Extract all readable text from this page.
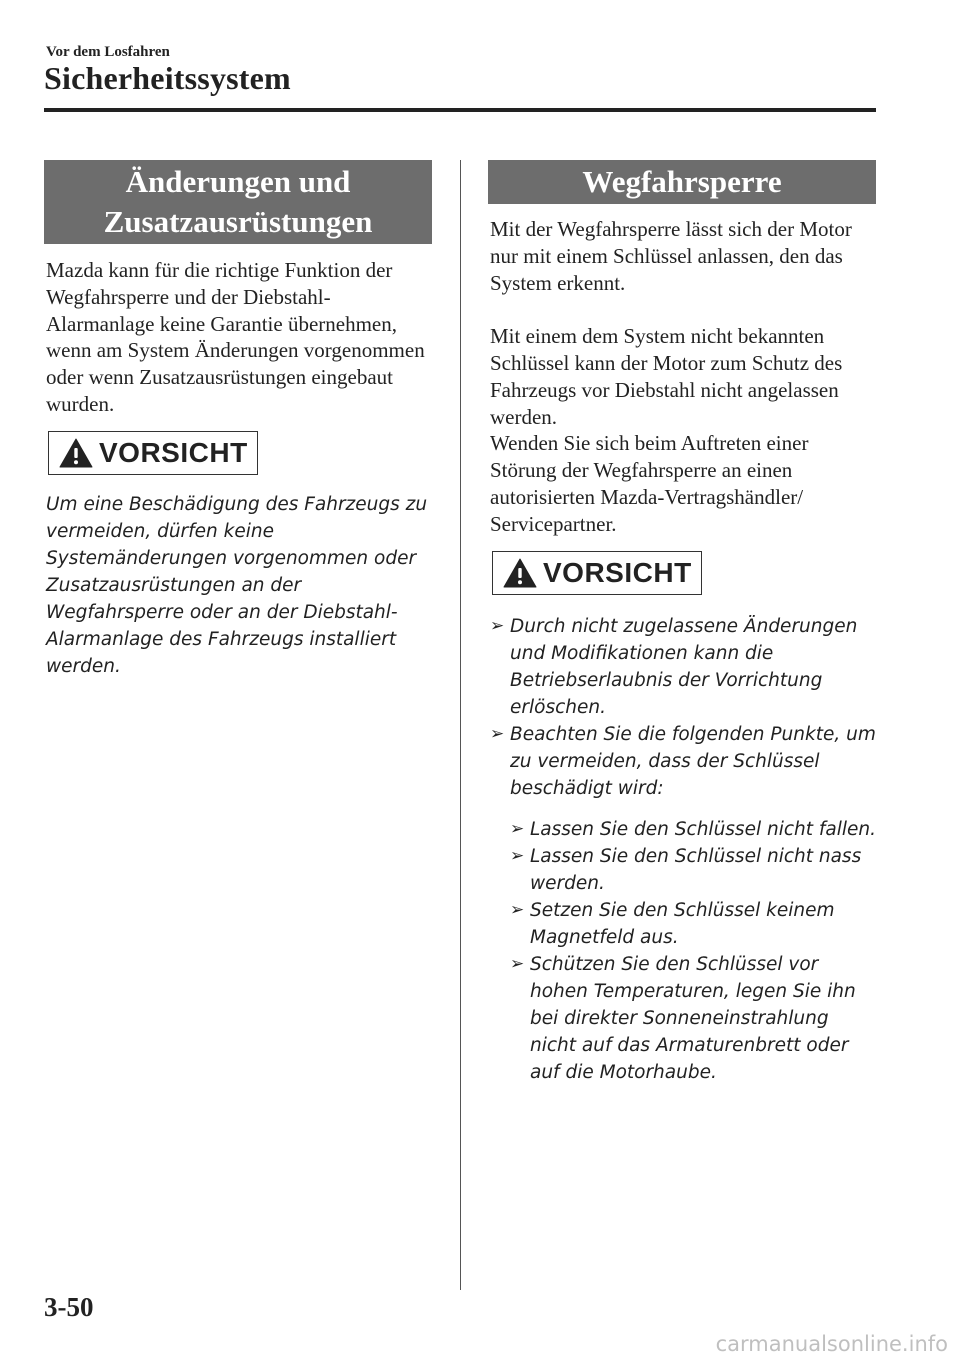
Vor dem Losfahren
Sicherheitssystem
Änderungen und
Zusatzausrüstungen

Mazda kann für die richtige Funktion der Wegfahrsperre und der Diebstahl-Alarmanlage keine Garantie übernehmen, wenn am System Änderungen vorgenommen oder wenn Zusatzausrüstungen eingebaut wurden.

VORSICHT

Um eine Beschädigung des Fahrzeugs zu vermeiden, dürfen keine Systemänderungen vorgenommen oder Zusatzausrüstungen an der Wegfahrsperre oder an der Diebstahl-Alarmanlage des Fahrzeugs installiert werden.

Wegfahrsperre

Mit der Wegfahrsperre lässt sich der Motor nur mit einem Schlüssel anlassen, den das System erkennt.

Mit einem dem System nicht bekannten Schlüssel kann der Motor zum Schutz des Fahrzeugs vor Diebstahl nicht angelassen werden.

Wenden Sie sich beim Auftreten einer Störung der Wegfahrsperre an einen autorisierten Mazda-Vertragshändler/ Servicepartner.

VORSICHT
➢ Durch nicht zugelassene Änderungen und Modifikationen kann die Betriebserlaubnis der Vorrichtung erlöschen.
➢ Beachten Sie die folgenden Punkte, um zu vermeiden, dass der Schlüssel beschädigt wird:
➢ Lassen Sie den Schlüssel nicht fallen.
➢ Lassen Sie den Schlüssel nicht nass werden.
➢ Setzen Sie den Schlüssel keinem Magnetfeld aus.
➢ Schützen Sie den Schlüssel vor hohen Temperaturen, legen Sie ihn bei direkter Sonneneinstrahlung nicht auf das Armaturenbrett oder auf die Motorhaube.
3-50
carmanualsonline.info
